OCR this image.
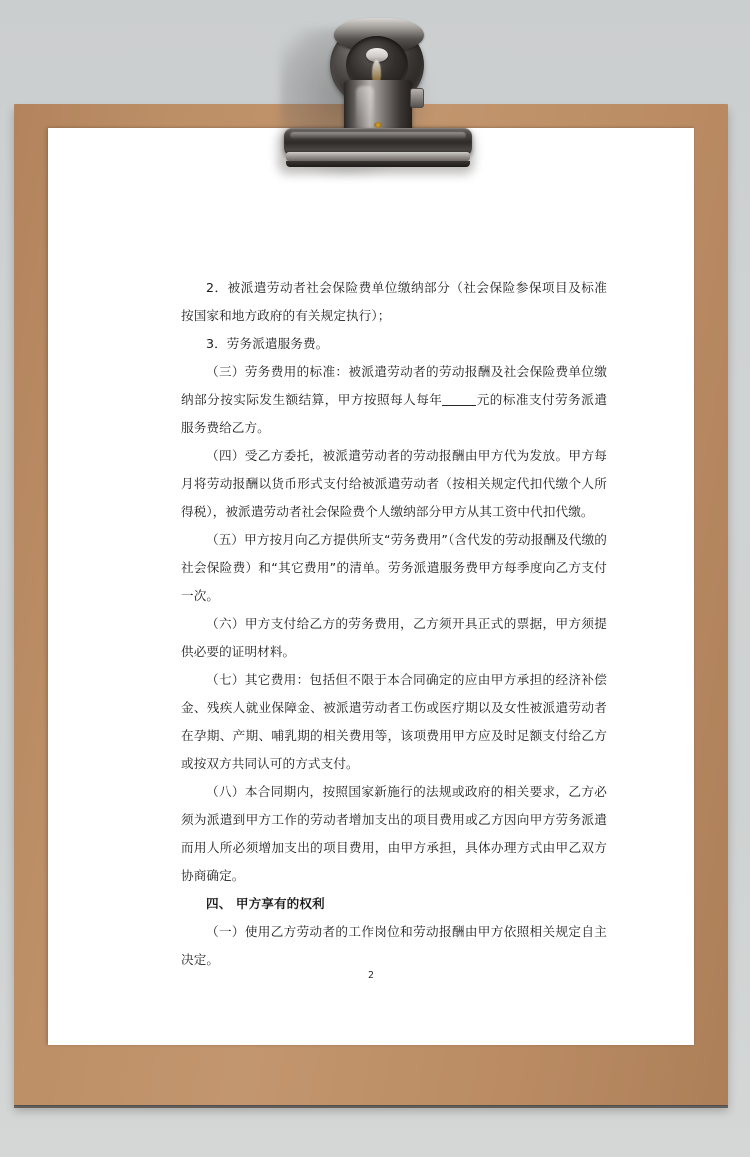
2．被派遣劳动者社会保险费单位缴纳部分（社会保险参保项目及标准按国家和地方政府的有关规定执行）；

3．劳务派遣服务费。

（三）劳务费用的标准：被派遣劳动者的劳动报酬及社会保险费单位缴纳部分按实际发生额结算，甲方按照每人每年	元的标准支付劳务派遣服务费给乙方。

（四）受乙方委托，被派遣劳动者的劳动报酬由甲方代为发放。甲方每月将劳动报酬以货币形式支付给被派遣劳动者（按相关规定代扣代缴个人所得税），被派遣劳动者社会保险费个人缴纳部分甲方从其工资中代扣代缴。

（五）甲方按月向乙方提供所支“劳务费用”（含代发的劳动报酬及代缴的社会保险费）和“其它费用”的清单。劳务派遣服务费甲方每季度向乙方支付一次。

（六）甲方支付给乙方的劳务费用，乙方须开具正式的票据，甲方须提供必要的证明材料。

（七）其它费用：包括但不限于本合同确定的应由甲方承担的经济补偿金、残疾人就业保障金、被派遣劳动者工伤或医疗期以及女性被派遣劳动者在孕期、产期、哺乳期的相关费用等，该项费用甲方应及时足额支付给乙方或按双方共同认可的方式支付。

（八）本合同期内，按照国家新施行的法规或政府的相关要求，乙方必须为派遣到甲方工作的劳动者增加支出的项目费用或乙方因向甲方劳务派遣而用人所必须增加支出的项目费用，由甲方承担，具体办理方式由甲乙双方协商确定。

四、 甲方享有的权利

（一）使用乙方劳动者的工作岗位和劳动报酬由甲方依照相关规定自主决定。

2
